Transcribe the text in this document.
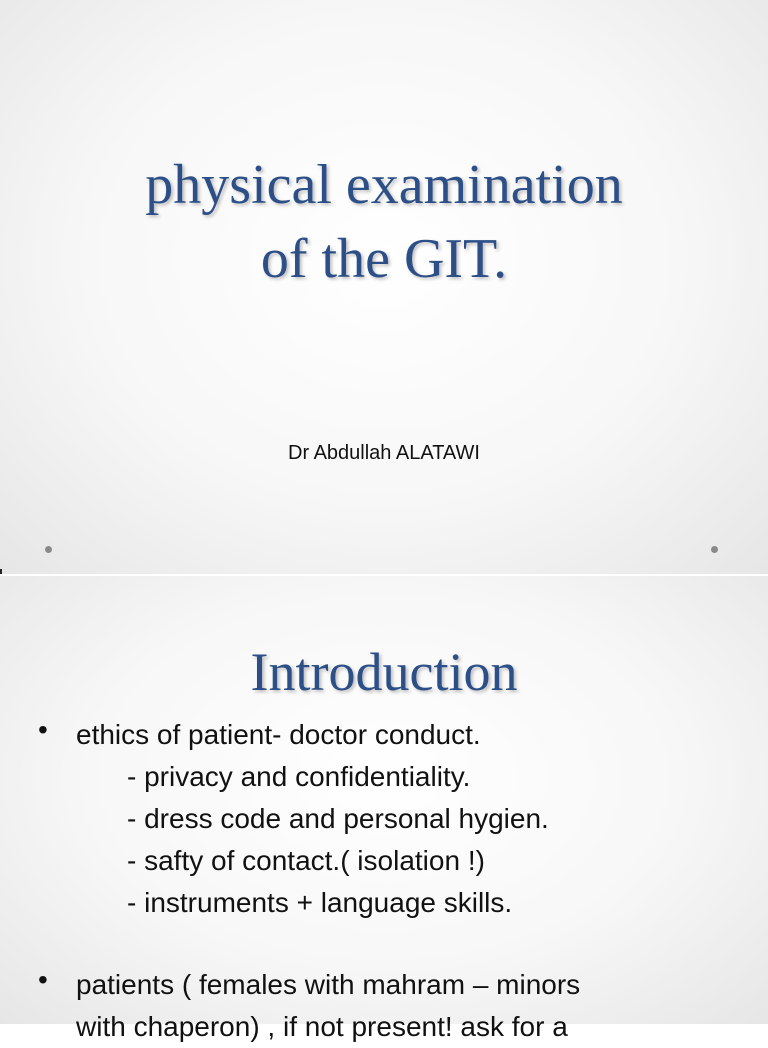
physical examination
of the GIT.
Dr Abdullah ALATAWI
Introduction
• ethics of patient- doctor conduct.
- privacy and confidentiality.
- dress code and personal hygien.
- safty of contact.( isolation !)
- instruments + language skills.
• patients ( females with mahram – minors
with chaperon) , if not present! ask for a
